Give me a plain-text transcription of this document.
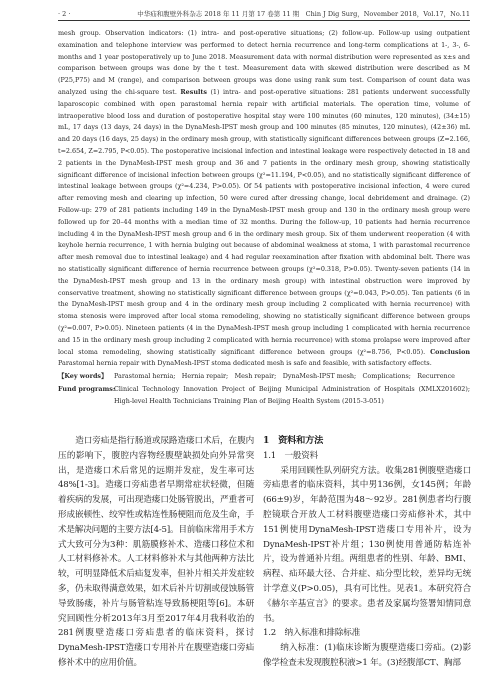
· 2 ·	中华疝和腹壁外科杂志 2018 年 11 月第 17 卷第 11 期　Chin J Dig Surg，November 2018，Vol.17，No.11

mesh group. Observation indicators: (1) intra- and post-operative situations; (2) follow-up. Follow-up using outpatient examination and telephone interview was performed to detect hernia recurrence and long-term complications at 1-, 3-, 6-months and 1 year postoperatively up to June 2018. Measurement data with normal distribution were represented as x±s and comparison between groups was done by the t test. Measurement data with skewed distribution were described as M (P25,P75) and M (range), and comparison between groups was done using rank sum test. Comparison of count data was analyzed using the chi-square test. Results (1) intra- and post-operative situations: 281 patients underwent successfully laparoscopic combined with open parastomal hernia repair with artificial materials. The operation time, volume of intraoperative blood loss and duration of postoperative hospital stay were 100 minutes (60 minutes, 120 minutes), (34±15) mL, 17 days (13 days, 24 days) in the DynaMesh-IPST mesh group and 100 minutes (85 minutes, 120 minutes), (42±36) mL and 20 days (16 days, 25 days) in the ordinary mesh group, with statistically significant differences between groups (Z=2.166, t=2.654, Z=2.795, P<0.05). The postoperative incisional infection and intestinal leakage were respectively detected in 18 and 2 patients in the DynaMesh-IPST mesh group and 36 and 7 patients in the ordinary mesh group, showing statistically significant difference of incisional infection between groups (χ²=11.194, P<0.05), and no statistically significant difference of intestinal leakage between groups (χ²=4.234, P>0.05). Of 54 patients with postoperative incisional infection, 4 were cured after removing mesh and clearing up infection, 50 were cured after dressing change, local debridement and drainage. (2) Follow-up: 279 of 281 patients including 149 in the DynaMesh-IPST mesh group and 130 in the ordinary mesh group were followed up for 20–44 months with a median time of 32 months. During the follow-up, 10 patients had hernia recurrence including 4 in the DynaMesh-IPST mesh group and 6 in the ordinary mesh group. Six of them underwent reoperation (4 with keyhole hernia recurrence, 1 with hernia bulging out because of abdominal weakness at stoma, 1 with parastomal recurrence after mesh removal due to intestinal leakage) and 4 had regular reexamination after fixation with abdominal belt. There was no statistically significant difference of hernia recurrence between groups (χ²=0.318, P>0.05). Twenty-seven patients (14 in the DynaMesh-IPST mesh group and 13 in the ordinary mesh group) with intestinal obstruction were improved by conservative treatment, showing no statistically significant difference between groups (χ²=0.043, P>0.05). Ten patients (6 in the DynaMesh-IPST mesh group and 4 in the ordinary mesh group including 2 complicated with hernia recurrence) with stoma stenosis were improved after local stoma remodeling, showing no statistically significant difference between groups (χ²=0.007, P>0.05). Nineteen patients (4 in the DynaMesh-IPST mesh group including 1 complicated with hernia recurrence and 15 in the ordinary mesh group including 2 complicated with hernia recurrence) with stoma prolapse were improved after local stoma remodeling, showing statistically significant difference between groups (χ²=8.756, P<0.05). Conclusion Parastomal hernia repair with DynaMesh-IPST stoma dedicated mesh is safe and feasible, with satisfactory effects.

【Key words】 Parastomal hernia;　Hernia repair;　Mesh repair;　DynaMesh-IPST mesh;　Complications;　Recurrence
Fund programs:
Clinical Technology Innovation Project of Beijing Municipal Administration of Hospitals (XMLX201602); High-level Health Technicians Training Plan of Beijing Health System (2015-3-051)

造口旁疝是指行肠道或尿路造瘘口术后，在腹内压的影响下，腹腔内容物经腹壁缺损处向外异常突出，是造瘘口术后常见的远期并发症，发生率可达48%[1-3]。造瘘口旁疝患者早期常症状轻微，但随着疾病的发展，可出现造瘘口处肠管脱出，严重者可形成嵌顿性、绞窄性或粘连性肠梗阻而危及生命，手术是解决问题的主要方法[4-5]。目前临床常用手术方式大致可分为3种：肌筋膜修补术、造瘘口移位术和人工材料修补术。人工材料修补术与其他两种方法比较，可明显降低术后疝复发率，但补片相关并发症较多，仍未取得满意效果，如术后补片切割或侵蚀肠管导致肠瘘，补片与肠管粘连导致肠梗阻等[6]。本研究回顾性分析2013年3月至2017年4月我科收治的281例腹壁造瘘口旁疝患者的临床资料，探讨DynaMesh-IPST造瘘口专用补片在腹壁造瘘口旁疝修补术中的应用价值。

1　资料和方法

1.1　一般资料

采用回顾性队列研究方法。收集281例腹壁造瘘口旁疝患者的临床资料，其中男136例，女145例；年龄(66±9)岁，年龄范围为48～92岁。281例患者均行腹腔镜联合开放人工材料腹壁造瘘口旁疝修补术，其中151例使用DynaMesh-IPST造瘘口专用补片，设为DynaMesh-IPST补片组；130例使用普通防粘连补片，设为普通补片组。两组患者的性别、年龄、BMI、病程、疝环最大径、合并症、疝分型比较，差异均无统计学意义(P>0.05)，具有可比性。见表1。本研究符合《赫尔辛基宣言》的要求。患者及家属均签署知情同意书。

1.2　纳入标准和排除标准

纳入标准：(1)临床诊断为腹壁造瘘口旁疝。(2)影像学检查未发现腹腔积液>1 年。(3)经腹部CT、胸部
